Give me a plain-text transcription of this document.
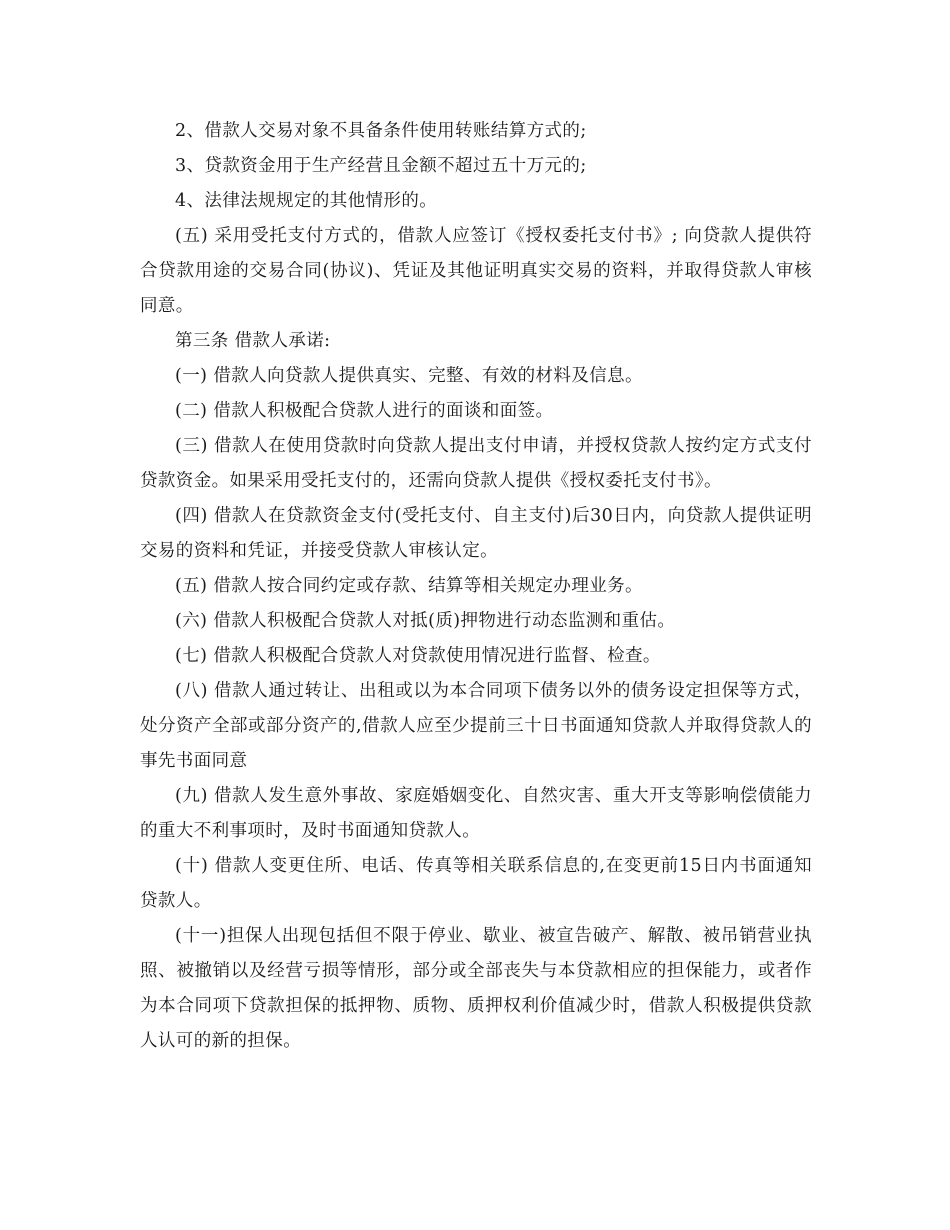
2、借款人交易对象不具备条件使用转账结算方式的;

3、贷款资金用于生产经营且金额不超过五十万元的;

4、法律法规规定的其他情形的。

(五) 采用受托支付方式的，借款人应签订《授权委托支付书》; 向贷款人提供符合贷款用途的交易合同(协议)、凭证及其他证明真实交易的资料，并取得贷款人审核同意。

第三条 借款人承诺:

(一) 借款人向贷款人提供真实、完整、有效的材料及信息。

(二) 借款人积极配合贷款人进行的面谈和面签。

(三) 借款人在使用贷款时向贷款人提出支付申请，并授权贷款人按约定方式支付贷款资金。如果采用受托支付的，还需向贷款人提供《授权委托支付书》。

(四) 借款人在贷款资金支付(受托支付、自主支付)后30日内，向贷款人提供证明交易的资料和凭证，并接受贷款人审核认定。

(五) 借款人按合同约定或存款、结算等相关规定办理业务。

(六) 借款人积极配合贷款人对抵(质)押物进行动态监测和重估。

(七) 借款人积极配合贷款人对贷款使用情况进行监督、检查。

(八) 借款人通过转让、出租或以为本合同项下债务以外的债务设定担保等方式，处分资产全部或部分资产的,借款人应至少提前三十日书面通知贷款人并取得贷款人的事先书面同意

(九) 借款人发生意外事故、家庭婚姻变化、自然灾害、重大开支等影响偿债能力的重大不利事项时，及时书面通知贷款人。

(十) 借款人变更住所、电话、传真等相关联系信息的,在变更前15日内书面通知贷款人。

(十一)担保人出现包括但不限于停业、歇业、被宣告破产、解散、被吊销营业执照、被撤销以及经营亏损等情形，部分或全部丧失与本贷款相应的担保能力，或者作为本合同项下贷款担保的抵押物、质物、质押权利价值减少时，借款人积极提供贷款人认可的新的担保。
